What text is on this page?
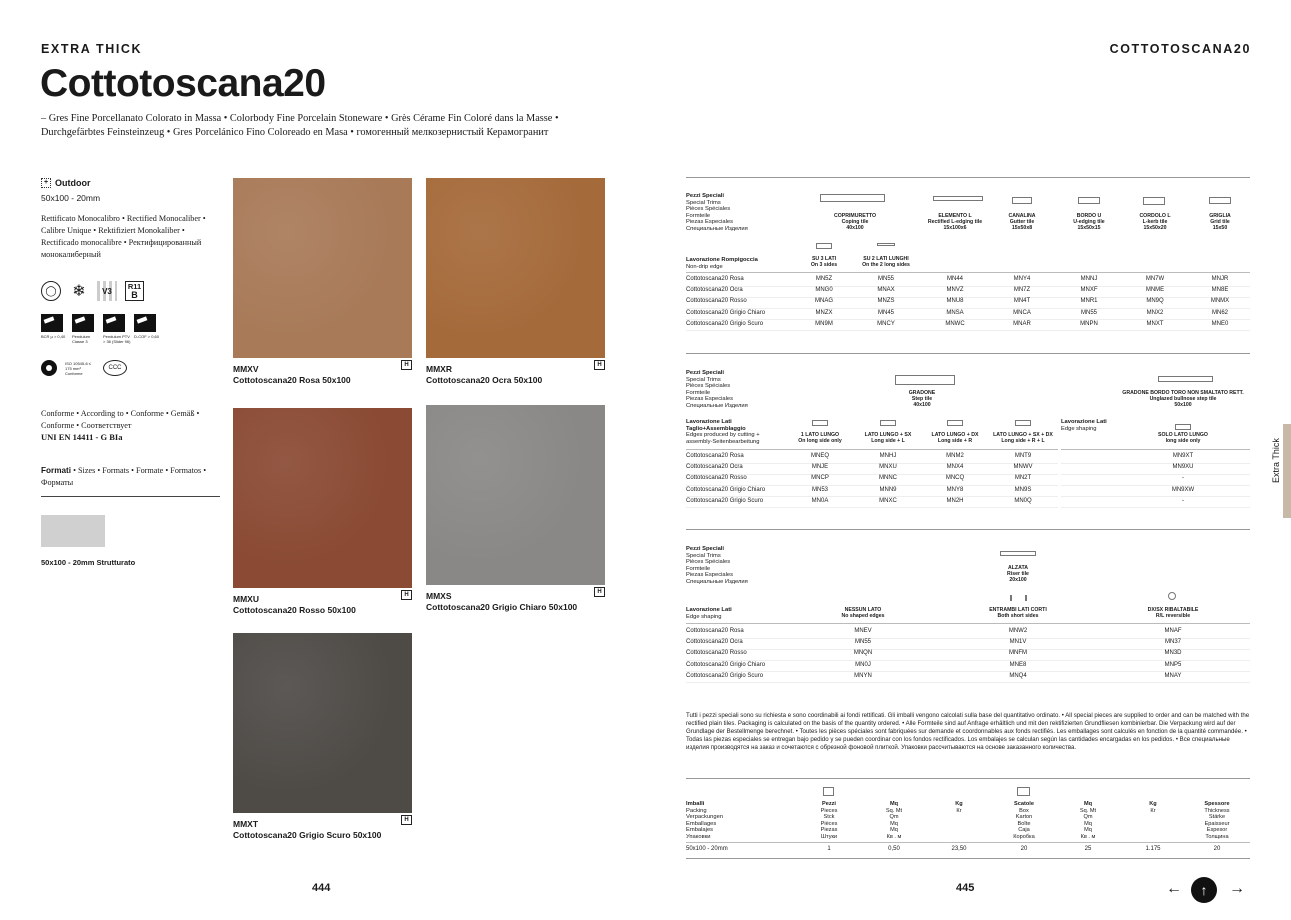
EXTRA THICK	COTTOTOSCANA20
Cottotoscana20
– Gres Fine Porcellanato Colorato in Massa • Colorbody Fine Porcelain Stoneware • Grès Cérame Fin Coloré dans la Masse • Durchgefärbtes Feinsteinzeug • Gres Porcelánico Fino Coloreado en Masa • гомогенный мелкозернистый Керамогранит
+ Outdoor
50x100 - 20mm
Rettificato Monocalibro • Rectified Monocaliber • Calibre Unique • Rektifiziert Monokaliber • Rectificado monocalibre • Ректифицированный монокалиберный
◯ ❄	V3 R11
B
BCR µ > 0,40	Pendulum Classe 3
Pendulum PTV > 36 (Slider 96)
D-COF > 0,60
ISO 10545-6 ≤ 175 mm³ Conforme
CCC
Conforme • According to • Conforme • Gemäß • Conforme • Соответствует
UNI EN 14411 - G BIa
Formati • Sizes • Formats • Formate • Formatos • Форматы
50x100 - 20mm Strutturato
MMXV
Cottotoscana20 Rosa 50x100
H	MMXR
Cottotoscana20 Ocra 50x100
H
MMXU
Cottotoscana20 Rosso 50x100
H	MMXS
Cottotoscana20 Grigio Chiaro 50x100
H
MMXT
Cottotoscana20 Grigio Scuro 50x100
H
444
Pezzi Speciali
Special Trims
Pièces Spéciales
Formteile
Piezas Especiales
Специальные Изделия
COPRIMURETTO
Coping tile
40x100
ELEMENTO L
Rectified L-edging tile
15x100x6
CANALINA
Gutter tile
15x50x8
BORDO U
U-edging tile
15x50x15
CORDOLO L
L-kerb tile
15x50x20
GRIGLIA
Grid tile
15x50
Lavorazione Rompigoccia
Non-drip edge
SU 3 LATI
On 3 sides
SU 2 LATI LUNGHI
On the 2 long sides
Cottotoscana20 Rosa	MN5Z	MN55	MN44	MNY4	MNNJ	MN7W	MNJR
Cottotoscana20 Ocra	MNG0	MNAX	MNVZ	MN7Z	MNXF	MNME	MN8E
Cottotoscana20 Rosso	MNAG	MNZS	MNU8	MN4T	MNR1	MN9Q	MNMX
Cottotoscana20 Grigio Chiaro	MNZX	MN45	MNSA	MNCA	MN55	MNX2	MN62
Cottotoscana20 Grigio Scuro	MN9M	MNCY	MNWC	MNAR	MNPN	MNXT	MNE0
Pezzi Speciali
Special Trims
Pièces Spéciales
Formteile
Piezas Especiales
Специальные Изделия
GRADONE
Step tile
40x100
GRADONE BORDO TORO NON SMALTATO RETT.
Unglazed bullnose step tile
50x100
Lavorazione Lati
Taglio+Assemblaggio
Edges produced by cutting +
assembly-Seitenbearbeitung
Lavorazione Lati
Edge shaping
1 LATO LUNGO
On long side only
LATO LUNGO + SX
Long side + L
LATO LUNGO + DX
Long side + R
LATO LUNGO + SX + DX
Long side + R + L
SOLO LATO LUNGO
long side only
Cottotoscana20 Rosa	MNEQ	MNHJ	MNM2	MNT9	MN9XT
Cottotoscana20 Ocra	MNJE	MNXU	MNX4	MNWV	MN9XU
Cottotoscana20 Rosso	MNCP	MNNC	MNCQ	MN2T	-
Cottotoscana20 Grigio Chiaro	MN53	MNN9	MNY8	MN9S	MN9XW
Cottotoscana20 Grigio Scuro	MN0A	MNXC	MN2H	MN0Q	-
Pezzi Speciali
Special Trims
Pièces Spéciales
Formteile
Piezas Especiales
Специальные Изделия
ALZATA
Riser tile
20x100
Lavorazione Lati
Edge shaping
NESSUN LATO
No shaped edges
ENTRAMBI LATI CORTI
Both short sides
DX/SX RIBALTABILE
R/L reversible
Cottotoscana20 Rosa	MNEV	MNW2	MNAF
Cottotoscana20 Ocra	MN55	MN1V	MN37
Cottotoscana20 Rosso	MNQN	MNFM	MN3D
Cottotoscana20 Grigio Chiaro	MN0J	MNE8	MNP5
Cottotoscana20 Grigio Scuro	MNYN	MNQ4	MNAY
Tutti i pezzi speciali sono su richiesta e sono coordinabili ai fondi rettificati. Gli imballi vengono calcolati sulla base del quantitativo ordinato. • All special pieces are supplied to order and can be matched with the rectified plain tiles. Packaging is calculated on the basis of the quantity ordered. • Alle Formteile sind auf Anfrage erhältlich und mit den rektifizierten Grundfliesen kombinierbar. Die Verpackung wird auf der Grundlage der Bestellmenge berechnet. • Toutes les pièces spéciales sont fabriquées sur demande et coordonnables aux fonds rectifiés. Les emballages sont calculés en fonction de la quantité commandée. • Todas las piezas especiales se entregan bajo pedido y se pueden coordinar con los fondos rectificados. Los embalajes se calculan según las cantidades encargadas en los pedidos. • Все специальные изделия производятся на заказ и сочетаются с обрезной фоновой плиткой. Упаковки рассчитываются на основе заказанного количества.
Imballi
Packing
Verpackungen
Emballages
Embalajes
Упаковки
Pezzi
Pieces
Stck
Pièces
Piezas
Штуки
Mq
Sq. Mt
Qm
Mq
Mq
Кв . м
Kg
Кг
Scatole
Box
Karton
Boîte
Caja
Коробка
Mq
Sq. Mt
Qm
Mq
Mq
Кв . м
Kg
Кг
Spessore
Thickness
Stärke
Epaisseur
Espesor
Толщина
50x100 - 20mm	1	0,50	23,50	20	25	1.175	20
Extra Thick
445	←	↑	→
